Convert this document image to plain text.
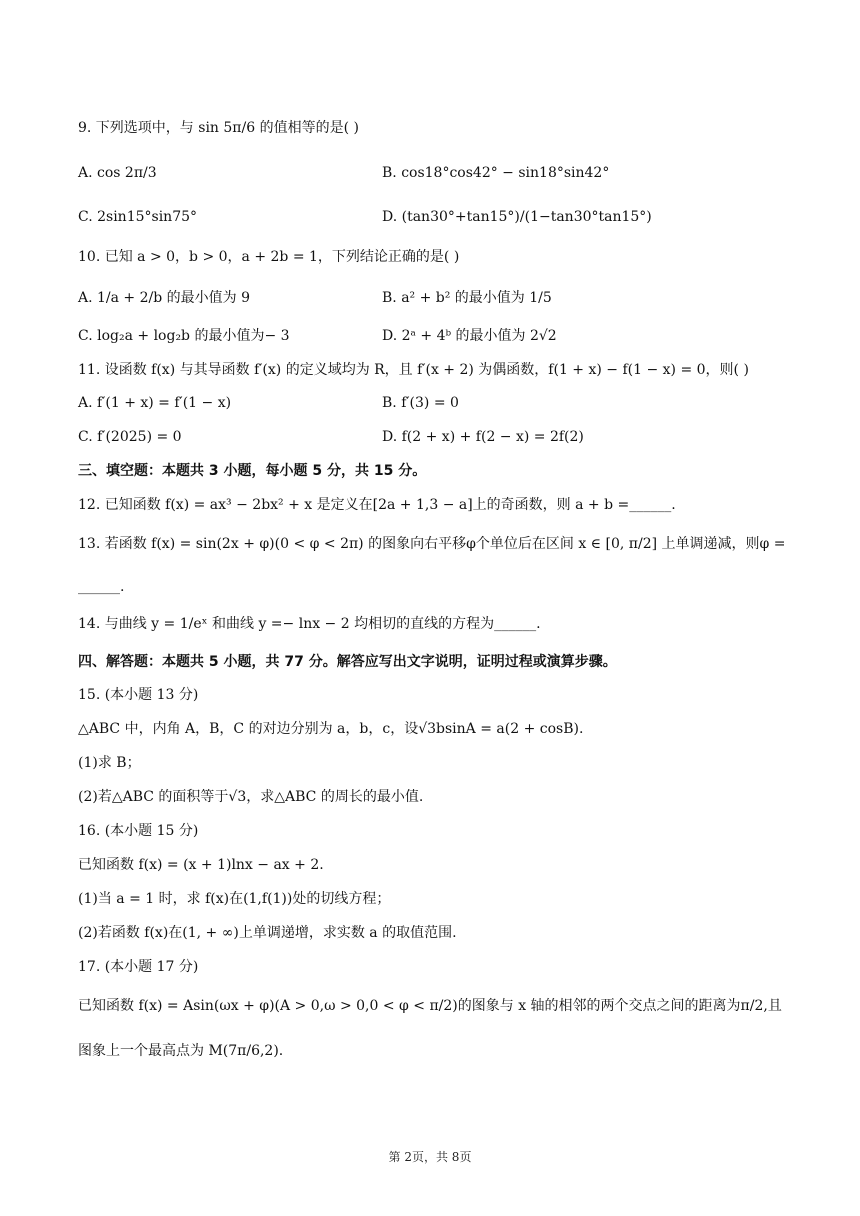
9. 下列选项中，与 sin 5π/6 的值相等的是( )
A. cos 2π/3	B. cos18°cos42° − sin18°sin42°
C. 2sin15°sin75°	D. (tan30°+tan15°)/(1−tan30°tan15°)
10. 已知 a > 0，b > 0，a + 2b = 1，下列结论正确的是( )
A. 1/a + 2/b 的最小值为 9	B. a² + b² 的最小值为 1/5
C. log₂a + log₂b 的最小值为− 3	D. 2ᵃ + 4ᵇ 的最小值为 2√2
11. 设函数 f(x) 与其导函数 f′(x) 的定义域均为 R，且 f′(x + 2) 为偶函数，f(1 + x) − f(1 − x) = 0，则( )
A. f′(1 + x) = f′(1 − x)	B. f′(3) = 0
C. f′(2025) = 0	D. f(2 + x) + f(2 − x) = 2f(2)
三、填空题：本题共 3 小题，每小题 5 分，共 15 分。
12. 已知函数 f(x) = ax³ − 2bx² + x 是定义在[2a + 1,3 − a]上的奇函数，则 a + b =______.
13. 若函数 f(x) = sin(2x + φ)(0 < φ < 2π) 的图象向右平移φ个单位后在区间 x ∈ [0, π/2] 上单调递减，则φ =
______.
14. 与曲线 y = 1/eˣ 和曲线 y =− lnx − 2 均相切的直线的方程为______.
四、解答题：本题共 5 小题，共 77 分。解答应写出文字说明，证明过程或演算步骤。
15. (本小题 13 分)
△ABC 中，内角 A，B，C 的对边分别为 a，b，c，设√3bsinA = a(2 + cosB).
(1)求 B；
(2)若△ABC 的面积等于√3，求△ABC 的周长的最小值.
16. (本小题 15 分)
已知函数 f(x) = (x + 1)lnx − ax + 2.
(1)当 a = 1 时，求 f(x)在(1,f(1))处的切线方程；
(2)若函数 f(x)在(1, + ∞)上单调递增，求实数 a 的取值范围.
17. (本小题 17 分)
已知函数 f(x) = Asin(ωx + φ)(A > 0,ω > 0,0 < φ < π/2)的图象与 x 轴的相邻的两个交点之间的距离为π/2,且
图象上一个最高点为 M(7π/6,2).
第 2页，共 8页
